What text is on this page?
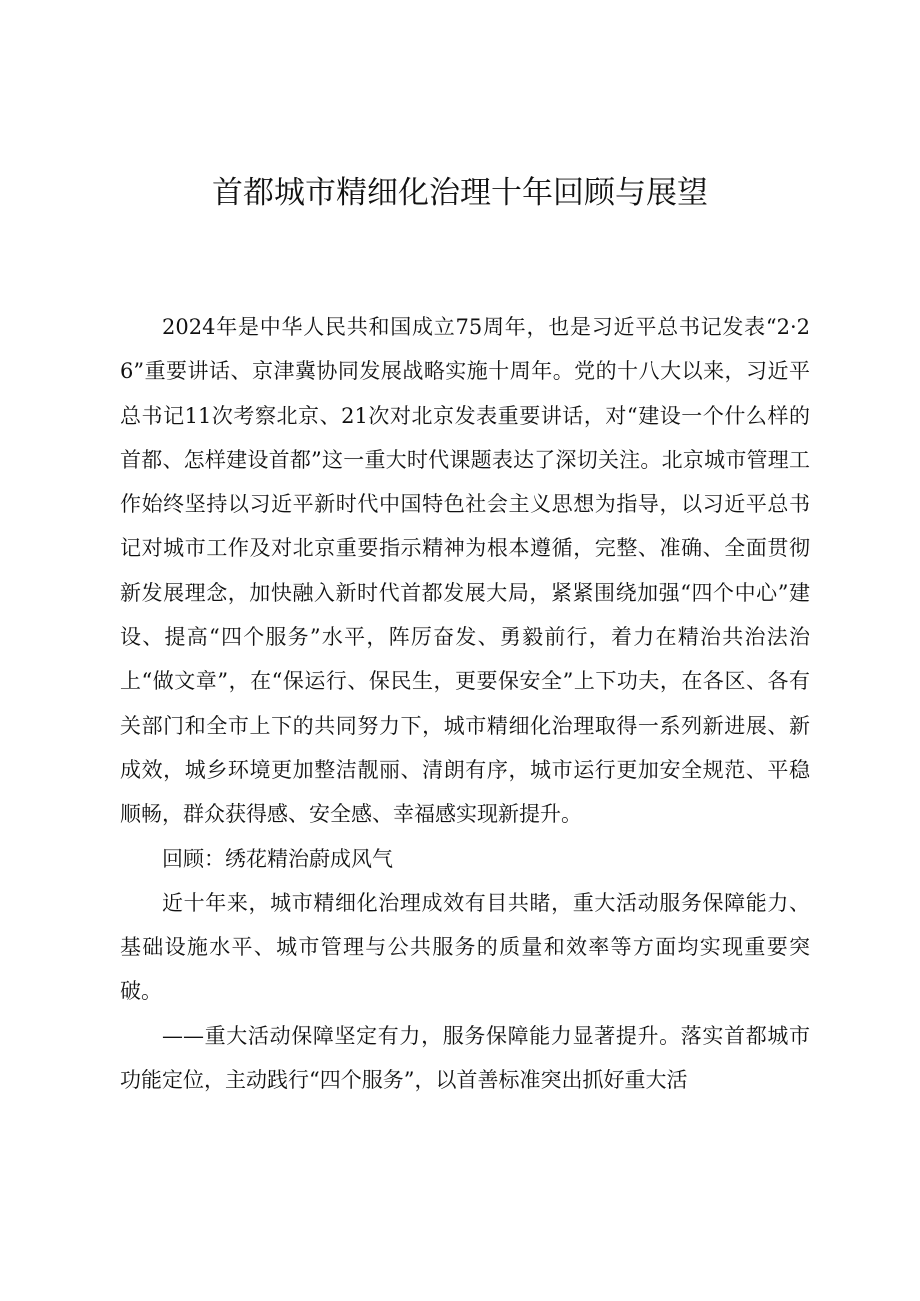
首都城市精细化治理十年回顾与展望

2024年是中华人民共和国成立75周年，也是习近平总书记发表“2·26”重要讲话、京津冀协同发展战略实施十周年。党的十八大以来，习近平总书记11次考察北京、21次对北京发表重要讲话，对“建设一个什么样的首都、怎样建设首都”这一重大时代课题表达了深切关注。北京城市管理工作始终坚持以习近平新时代中国特色社会主义思想为指导，以习近平总书记对城市工作及对北京重要指示精神为根本遵循，完整、准确、全面贯彻新发展理念，加快融入新时代首都发展大局，紧紧围绕加强“四个中心”建设、提高“四个服务”水平，阵厉奋发、勇毅前行，着力在精治共治法治上“做文章”，在“保运行、保民生，更要保安全”上下功夫，在各区、各有关部门和全市上下的共同努力下，城市精细化治理取得一系列新进展、新成效，城乡环境更加整洁靓丽、清朗有序，城市运行更加安全规范、平稳顺畅，群众获得感、安全感、幸福感实现新提升。

回顾：绣花精治蔚成风气

近十年来，城市精细化治理成效有目共睹，重大活动服务保障能力、基础设施水平、城市管理与公共服务的质量和效率等方面均实现重要突破。

——重大活动保障坚定有力，服务保障能力显著提升。落实首都城市功能定位，主动践行“四个服务”，以首善标准突出抓好重大活
